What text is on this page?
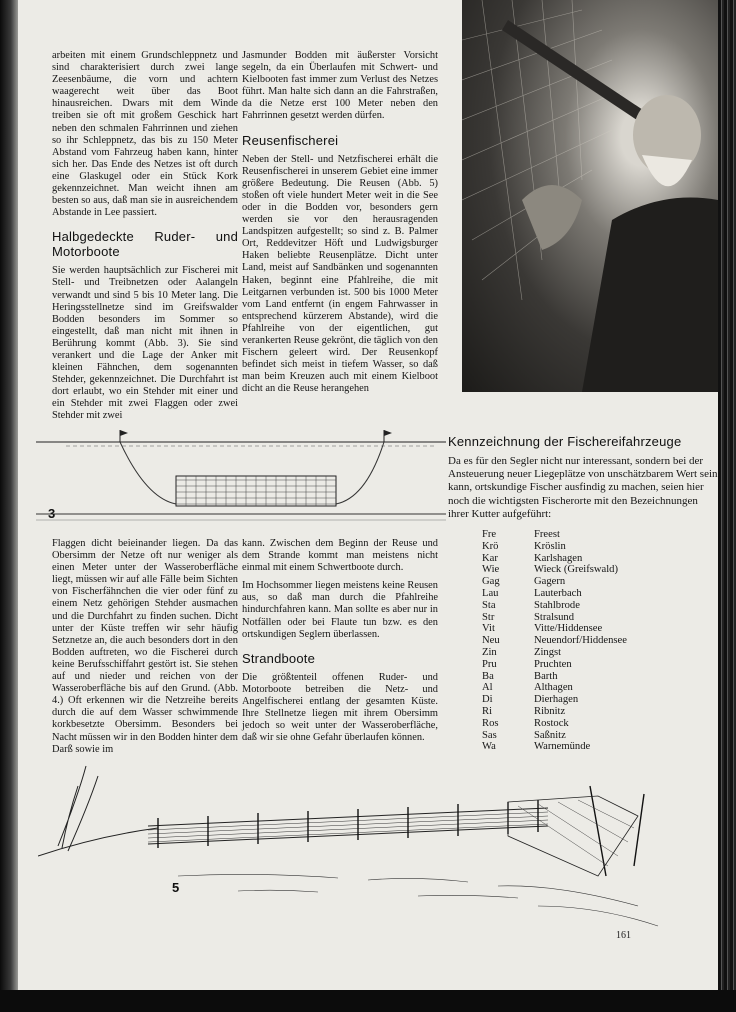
arbeiten mit einem Grundschleppnetz und sind charakterisiert durch zwei lange Zeesenbäume, die vorn und achtern waagerecht weit über das Boot hinausreichen. Dwars mit dem Winde treiben sie oft mit großem Geschick hart neben den schmalen Fahrrinnen und ziehen so ihr Schleppnetz, das bis zu 150 Meter Abstand vom Fahrzeug haben kann, hinter sich her. Das Ende des Netzes ist oft durch eine Glaskugel oder ein Stück Kork gekennzeichnet. Man weicht ihnen am besten so aus, daß man sie in ausreichendem Abstande in Lee passiert.

Halbgedeckte Ruder- und Motorboote

Sie werden hauptsächlich zur Fischerei mit Stell- und Treibnetzen oder Aalangeln verwandt und sind 5 bis 10 Meter lang. Die Heringsstellnetze sind im Greifswalder Bodden besonders im Sommer so eingestellt, daß man nicht mit ihnen in Berührung kommt (Abb. 3). Sie sind verankert und die Lage der Anker mit kleinen Fähnchen, dem sogenannten Stehder, gekennzeichnet. Die Durchfahrt ist dort erlaubt, wo ein Stehder mit einer und ein Stehder mit zwei Flaggen oder zwei Stehder mit zwei

Jasmunder Bodden mit äußerster Vorsicht segeln, da ein Überlaufen mit Schwert- und Kielbooten fast immer zum Verlust des Netzes führt. Man halte sich dann an die Fahrstraßen, da die Netze erst 100 Meter neben den Fahrrinnen gesetzt werden dürfen.

Reusenfischerei

Neben der Stell- und Netzfischerei erhält die Reusenfischerei in unserem Gebiet eine immer größere Bedeutung. Die Reusen (Abb. 5) stoßen oft viele hundert Meter weit in die See oder in die Bodden vor, besonders gern werden sie vor den herausragenden Landspitzen aufgestellt; so sind z. B. Palmer Ort, Reddevitzer Höft und Ludwigsburger Haken beliebte Reusenplätze. Dicht unter Land, meist auf Sandbänken und sogenannten Haken, beginnt eine Pfahlreihe, die mit Leitgarnen verbunden ist. 500 bis 1000 Meter vom Land entfernt (in engem Fahrwasser in entsprechend kürzerem Abstande), wird die Pfahlreihe von der eigentlichen, gut verankerten Reuse gekrönt, die täglich von den Fischern geleert wird. Der Reusenkopf befindet sich meist in tiefem Wasser, so daß man beim Kreuzen auch mit einem Kielboot dicht an die Reuse herangehen

3

Flaggen dicht beieinander liegen. Da das Obersimm der Netze oft nur weniger als einen Meter unter der Wasseroberfläche liegt, müssen wir auf alle Fälle beim Sichten von Fischerfähnchen die vier oder fünf zu einem Netz gehörigen Stehder ausmachen und die Durchfahrt zu finden suchen. Dicht unter der Küste treffen wir sehr häufig Setznetze an, die auch besonders dort in den Bodden auftreten, wo die Fischerei durch keine Berufsschiffahrt gestört ist. Sie stehen auf und nieder und reichen von der Wasseroberfläche bis auf den Grund. (Abb. 4.) Oft erkennen wir die Netzreihe bereits durch die auf dem Wasser schwimmende korkbesetzte Obersimm. Besonders bei Nacht müssen wir in den Bodden hinter dem Darß sowie im

kann. Zwischen dem Beginn der Reuse und dem Strande kommt man meistens nicht einmal mit einem Schwertboote durch.

Im Hochsommer liegen meistens keine Reusen aus, so daß man durch die Pfahlreihe hindurchfahren kann. Man sollte es aber nur in Notfällen oder bei Flaute tun bzw. es den ortskundigen Seglern überlassen.

Strandboote

Die größtenteil offenen Ruder- und Motorboote betreiben die Netz- und Angelfischerei entlang der gesamten Küste. Ihre Stellnetze liegen mit ihrem Obersimm jedoch so weit unter der Wasseroberfläche, daß wir sie ohne Gefahr überlaufen können.

Kennzeichnung der Fischereifahrzeuge

Da es für den Segler nicht nur interessant, sondern bei der Ansteuerung neuer Liegeplätze von unschätzbarem Wert sein kann, ortskundige Fischer ausfindig zu machen, seien hier noch die wichtigsten Fischerorte mit den Bezeichnungen ihrer Kutter aufgeführt:

Fre	Freest
Krö	Kröslin
Kar	Karlshagen
Wie	Wieck (Greifswald)
Gag	Gagern
Lau	Lauterbach
Sta	Stahlbrode
Str	Stralsund
Vit	Vitte/Hiddensee
Neu	Neuendorf/Hiddensee
Zin	Zingst
Pru	Pruchten
Ba	Barth
Al	Althagen
Di	Dierhagen
Ri	Ribnitz
Ros	Rostock
Sas	Saßnitz
Wa	Warnemünde
5
161
